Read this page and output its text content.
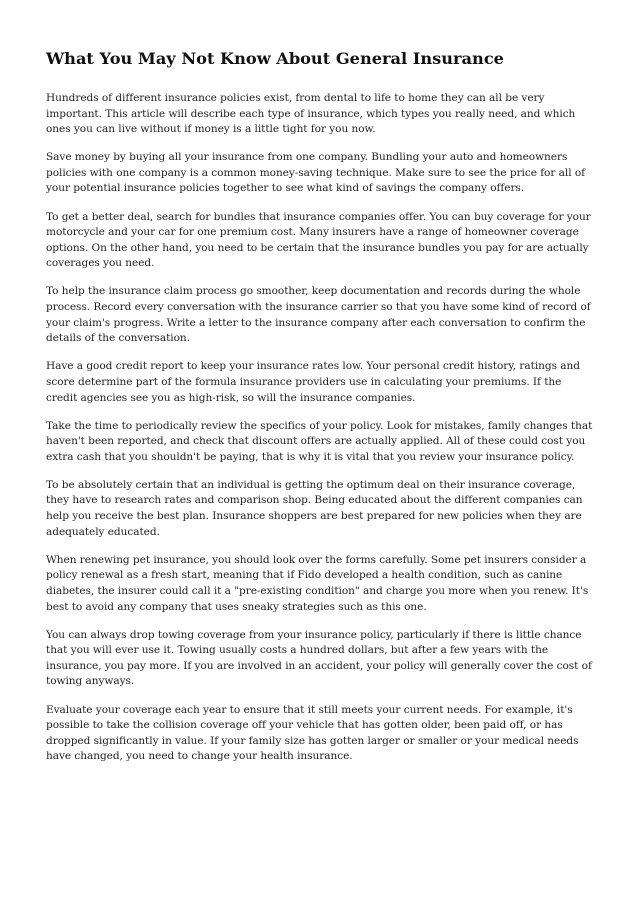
What You May Not Know About General Insurance

Hundreds of different insurance policies exist, from dental to life to home they can all be very important. This article will describe each type of insurance, which types you really need, and which ones you can live without if money is a little tight for you now.

Save money by buying all your insurance from one company. Bundling your auto and homeowners policies with one company is a common money-saving technique. Make sure to see the price for all of your potential insurance policies together to see what kind of savings the company offers.

To get a better deal, search for bundles that insurance companies offer. You can buy coverage for your motorcycle and your car for one premium cost. Many insurers have a range of homeowner coverage options. On the other hand, you need to be certain that the insurance bundles you pay for are actually coverages you need.

To help the insurance claim process go smoother, keep documentation and records during the whole process. Record every conversation with the insurance carrier so that you have some kind of record of your claim's progress. Write a letter to the insurance company after each conversation to confirm the details of the conversation.

Have a good credit report to keep your insurance rates low. Your personal credit history, ratings and score determine part of the formula insurance providers use in calculating your premiums. If the credit agencies see you as high-risk, so will the insurance companies.

Take the time to periodically review the specifics of your policy. Look for mistakes, family changes that haven't been reported, and check that discount offers are actually applied. All of these could cost you extra cash that you shouldn't be paying, that is why it is vital that you review your insurance policy.

To be absolutely certain that an individual is getting the optimum deal on their insurance coverage, they have to research rates and comparison shop. Being educated about the different companies can help you receive the best plan. Insurance shoppers are best prepared for new policies when they are adequately educated.

When renewing pet insurance, you should look over the forms carefully. Some pet insurers consider a policy renewal as a fresh start, meaning that if Fido developed a health condition, such as canine diabetes, the insurer could call it a "pre-existing condition" and charge you more when you renew. It's best to avoid any company that uses sneaky strategies such as this one.

You can always drop towing coverage from your insurance policy, particularly if there is little chance that you will ever use it. Towing usually costs a hundred dollars, but after a few years with the insurance, you pay more. If you are involved in an accident, your policy will generally cover the cost of towing anyways.

Evaluate your coverage each year to ensure that it still meets your current needs. For example, it's possible to take the collision coverage off your vehicle that has gotten older, been paid off, or has dropped significantly in value. If your family size has gotten larger or smaller or your medical needs have changed, you need to change your health insurance.
